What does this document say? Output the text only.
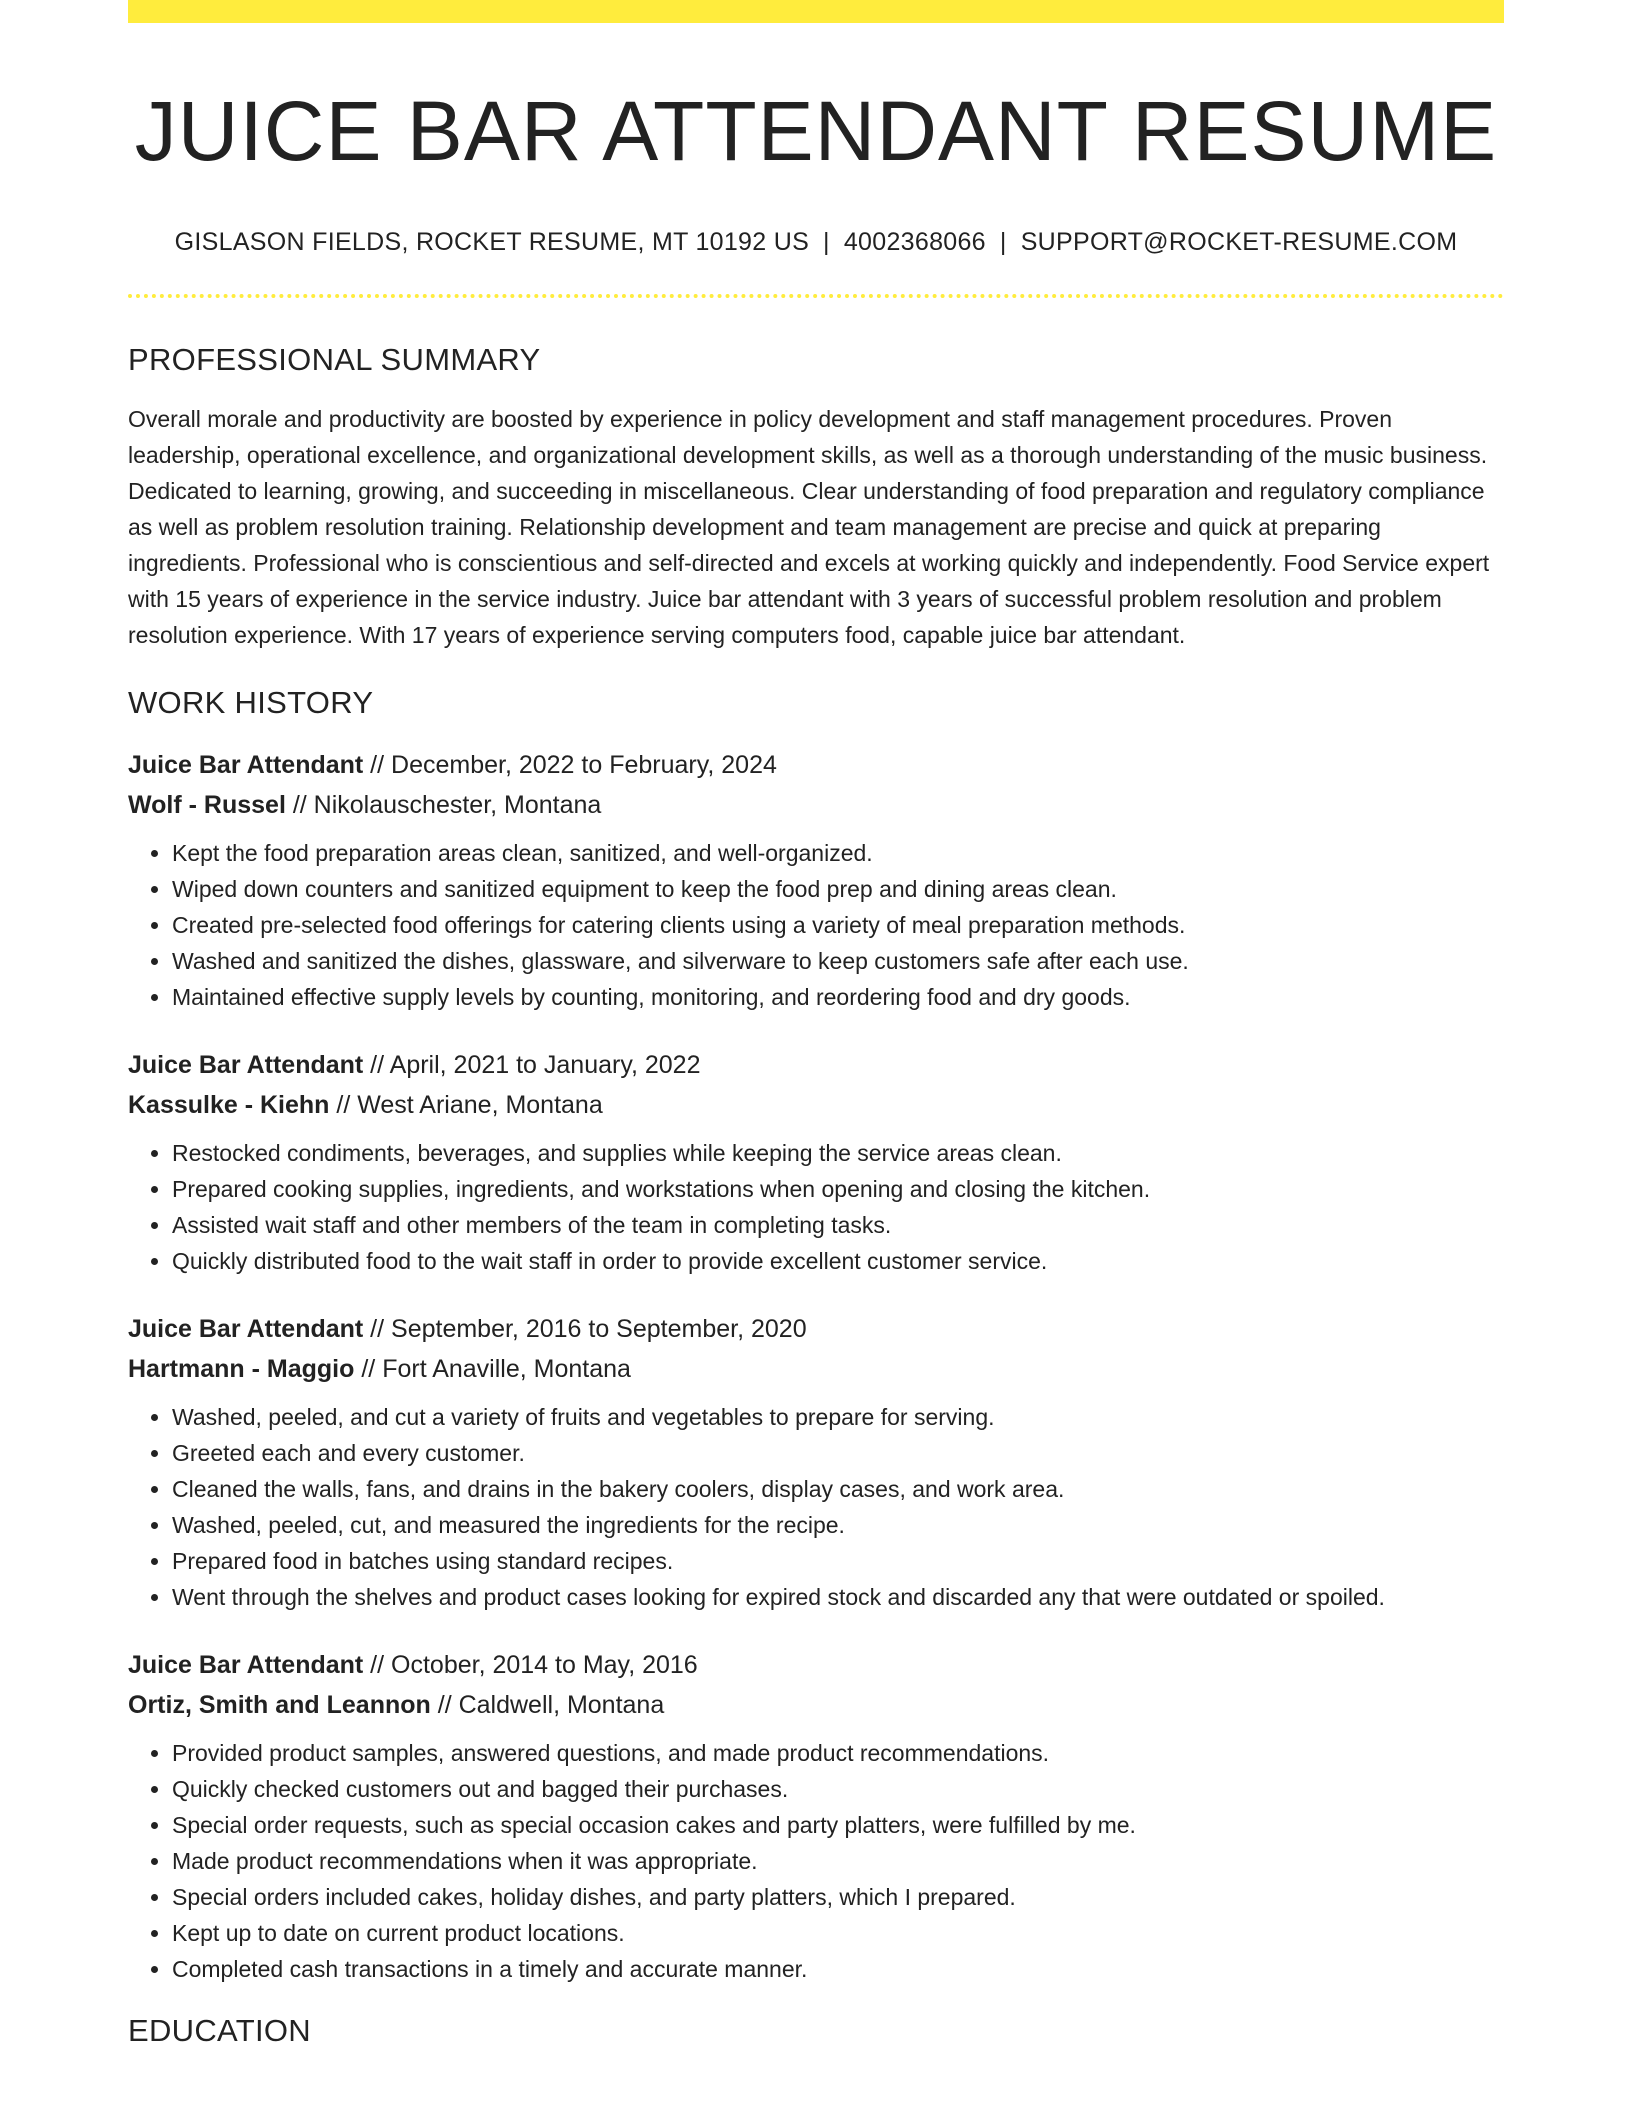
JUICE BAR ATTENDANT RESUME
GISLASON FIELDS, ROCKET RESUME, MT 10192 US | 4002368066 | SUPPORT@ROCKET-RESUME.COM
PROFESSIONAL SUMMARY

Overall morale and productivity are boosted by experience in policy development and staff management procedures. Proven leadership, operational excellence, and organizational development skills, as well as a thorough understanding of the music business. Dedicated to learning, growing, and succeeding in miscellaneous. Clear understanding of food preparation and regulatory compliance as well as problem resolution training. Relationship development and team management are precise and quick at preparing ingredients. Professional who is conscientious and self-directed and excels at working quickly and independently. Food Service expert with 15 years of experience in the service industry. Juice bar attendant with 3 years of successful problem resolution and problem resolution experience. With 17 years of experience serving computers food, capable juice bar attendant.

WORK HISTORY
Juice Bar Attendant // December, 2022 to February, 2024
Wolf - Russel // Nikolauschester, Montana
• Kept the food preparation areas clean, sanitized, and well-organized.
• Wiped down counters and sanitized equipment to keep the food prep and dining areas clean.
• Created pre-selected food offerings for catering clients using a variety of meal preparation methods.
• Washed and sanitized the dishes, glassware, and silverware to keep customers safe after each use.
• Maintained effective supply levels by counting, monitoring, and reordering food and dry goods.
Juice Bar Attendant // April, 2021 to January, 2022
Kassulke - Kiehn // West Ariane, Montana
• Restocked condiments, beverages, and supplies while keeping the service areas clean.
• Prepared cooking supplies, ingredients, and workstations when opening and closing the kitchen.
• Assisted wait staff and other members of the team in completing tasks.
• Quickly distributed food to the wait staff in order to provide excellent customer service.
Juice Bar Attendant // September, 2016 to September, 2020
Hartmann - Maggio // Fort Anaville, Montana
• Washed, peeled, and cut a variety of fruits and vegetables to prepare for serving.
• Greeted each and every customer.
• Cleaned the walls, fans, and drains in the bakery coolers, display cases, and work area.
• Washed, peeled, cut, and measured the ingredients for the recipe.
• Prepared food in batches using standard recipes.
• Went through the shelves and product cases looking for expired stock and discarded any that were outdated or spoiled.
Juice Bar Attendant // October, 2014 to May, 2016
Ortiz, Smith and Leannon // Caldwell, Montana
• Provided product samples, answered questions, and made product recommendations.
• Quickly checked customers out and bagged their purchases.
• Special order requests, such as special occasion cakes and party platters, were fulfilled by me.
• Made product recommendations when it was appropriate.
• Special orders included cakes, holiday dishes, and party platters, which I prepared.
• Kept up to date on current product locations.
• Completed cash transactions in a timely and accurate manner.
EDUCATION
